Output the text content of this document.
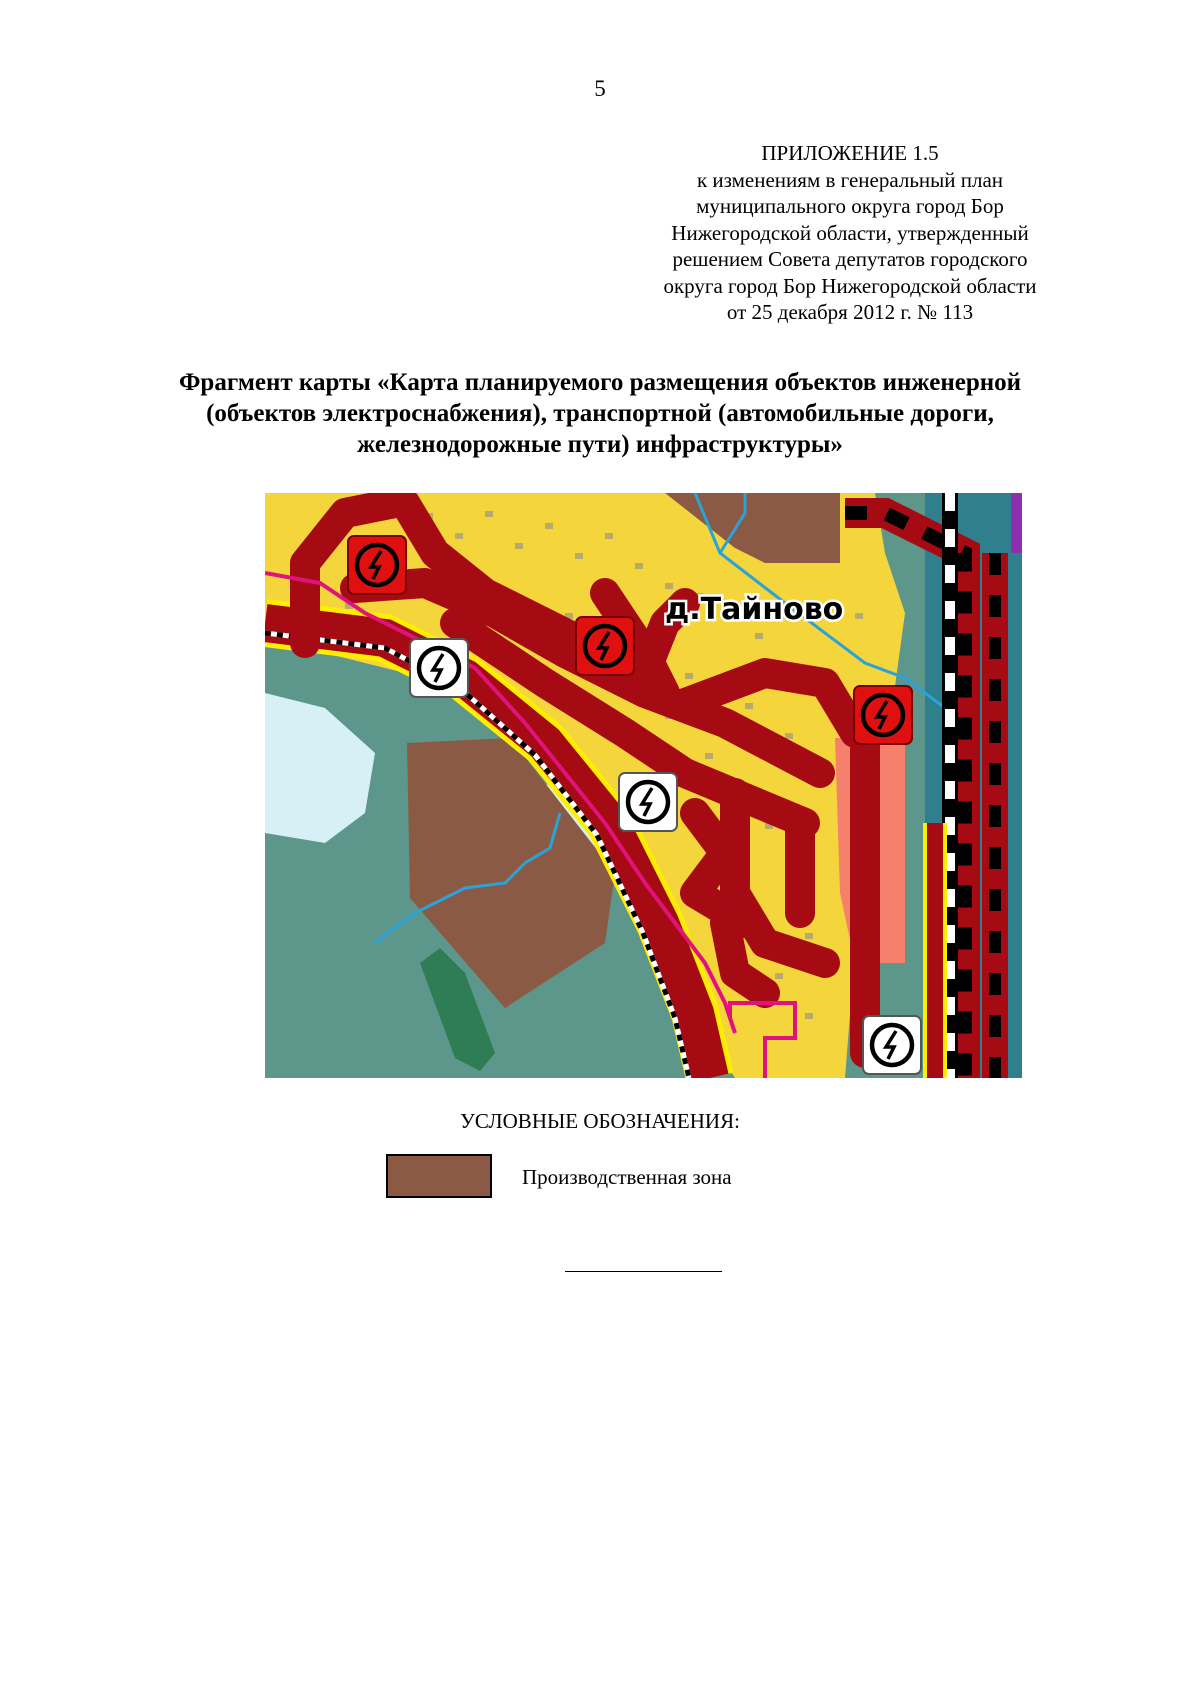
5
ПРИЛОЖЕНИЕ 1.5
к изменениям в генеральный план
муниципального округа город Бор
Нижегородской области, утвержденный
решением Совета депутатов городского
округа город Бор Нижегородской области
от 25 декабря 2012 г. № 113
Фрагмент карты «Карта планируемого размещения объектов инженерной
(объектов электроснабжения), транспортной (автомобильные дороги,
железнодорожные пути) инфраструктуры»
д.Тайново
УСЛОВНЫЕ ОБОЗНАЧЕНИЯ:
Производственная зона
